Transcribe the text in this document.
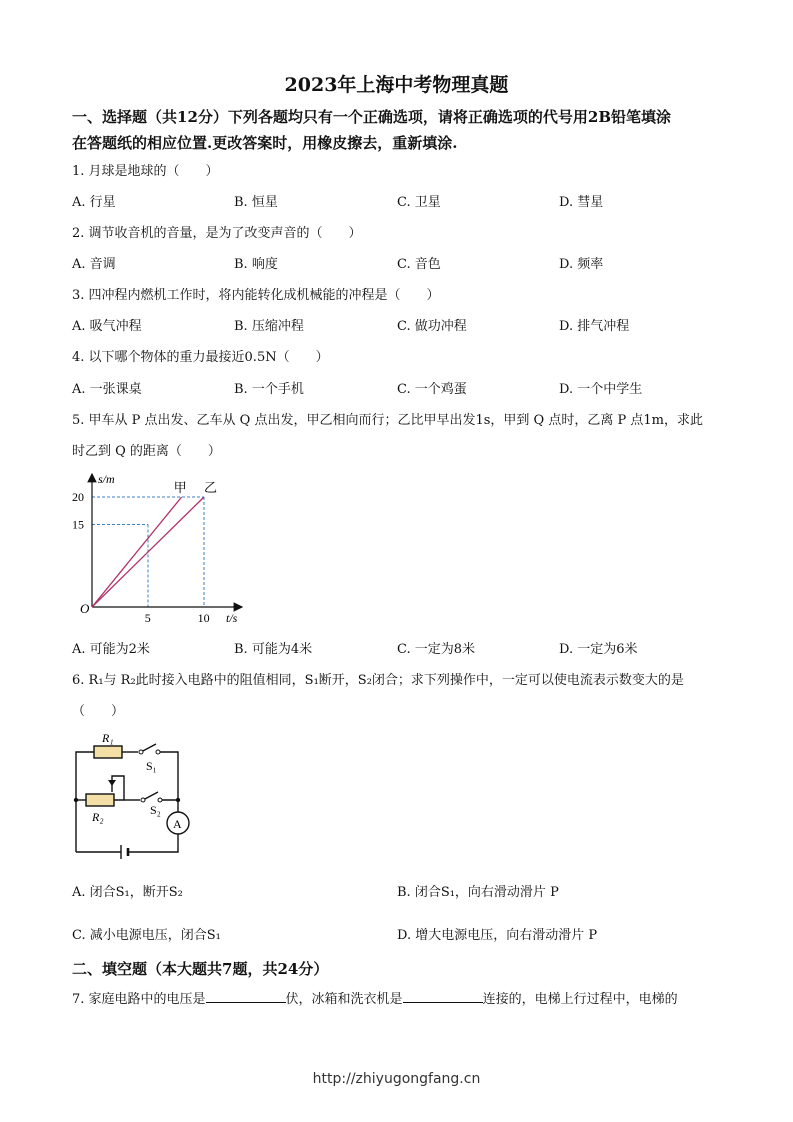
2023年上海中考物理真题
一、选择题（共12分）下列各题均只有一个正确选项，请将正确选项的代号用2B铅笔填涂
在答题纸的相应位置.更改答案时，用橡皮擦去，重新填涂.
1. 月球是地球的（　　）
A. 行星	B. 恒星	C. 卫星	D. 彗星
2. 调节收音机的音量，是为了改变声音的（　　）
A. 音调	B. 响度	C. 音色	D. 频率
3. 四冲程内燃机工作时，将内能转化成机械能的冲程是（　　）
A. 吸气冲程	B. 压缩冲程	C. 做功冲程	D. 排气冲程
4. 以下哪个物体的重力最接近0.5N（　　）
A. 一张课桌	B. 一个手机	C. 一个鸡蛋	D. 一个中学生
5. 甲车从 P 点出发、乙车从 Q 点出发，甲乙相向而行；乙比甲早出发1s，甲到 Q 点时，乙离 P 点1m，求此
时乙到 Q 的距离（　　）
甲 乙
15
20
5	10
O
s/m
t/s
A. 可能为2米	B. 可能为4米	C. 一定为8米	D. 一定为6米
6. R₁与 R₂此时接入电路中的阻值相同，S₁断开，S₂闭合；求下列操作中，一定可以使电流表示数变大的是
（　　）
R₁
S₁
R₂	S₂
A
A. 闭合S₁，断开S₂	B. 闭合S₁，向右滑动滑片 P
C. 减小电源电压，闭合S₁	D. 增大电源电压，向右滑动滑片 P
二、填空题（本大题共7题，共24分）
7. 家庭电路中的电压是	伏，冰箱和洗衣机是	连接的，电梯上行过程中，电梯的
http://zhiyugongfang.cn
